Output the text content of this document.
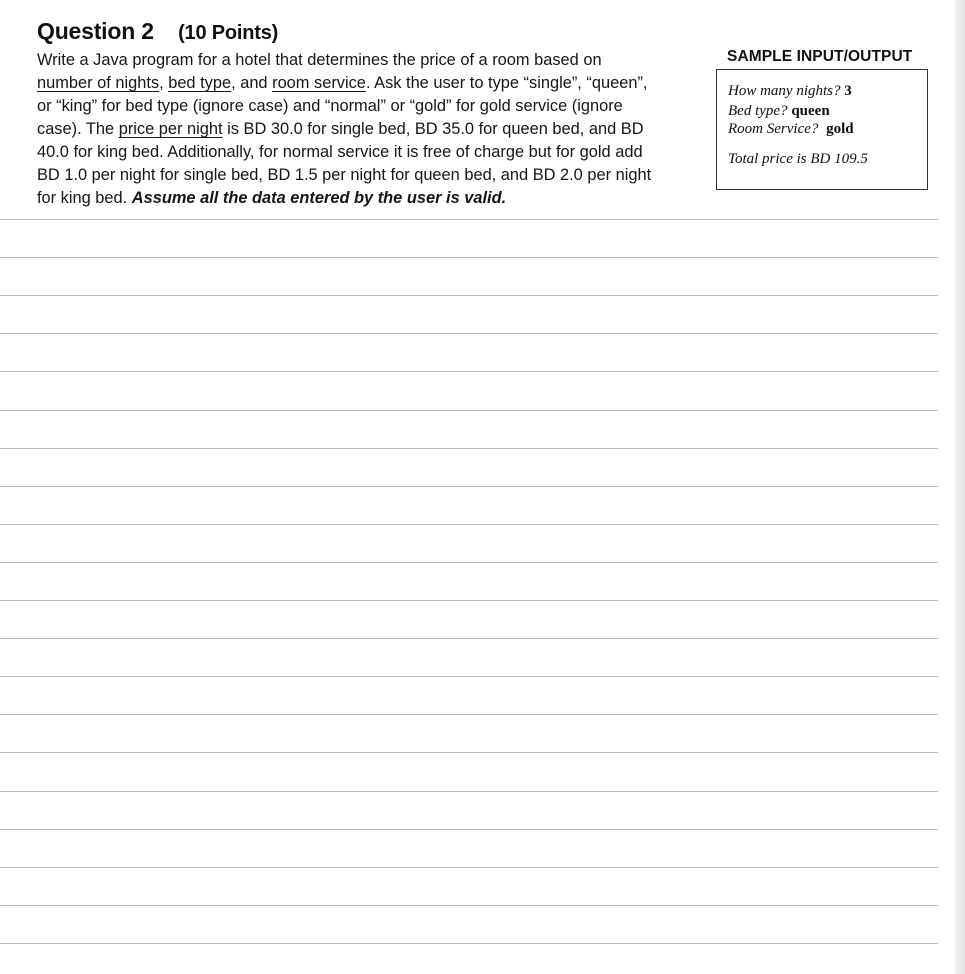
Question 2 (10 Points)
Write a Java program for a hotel that determines the price of a room based on
number of nights, bed type, and room service. Ask the user to type “single”, “queen”,
or “king” for bed type (ignore case) and “normal” or “gold” for gold service (ignore
case). The price per night is BD 30.0 for single bed, BD 35.0 for queen bed, and BD
40.0 for king bed. Additionally, for normal service it is free of charge but for gold add
BD 1.0 per night for single bed, BD 1.5 per night for queen bed, and BD 2.0 per night
for king bed. Assume all the data entered by the user is valid.
SAMPLE INPUT/OUTPUT
How many nights? 3
Bed type? queen
Room Service? gold
Total price is BD 109.5
